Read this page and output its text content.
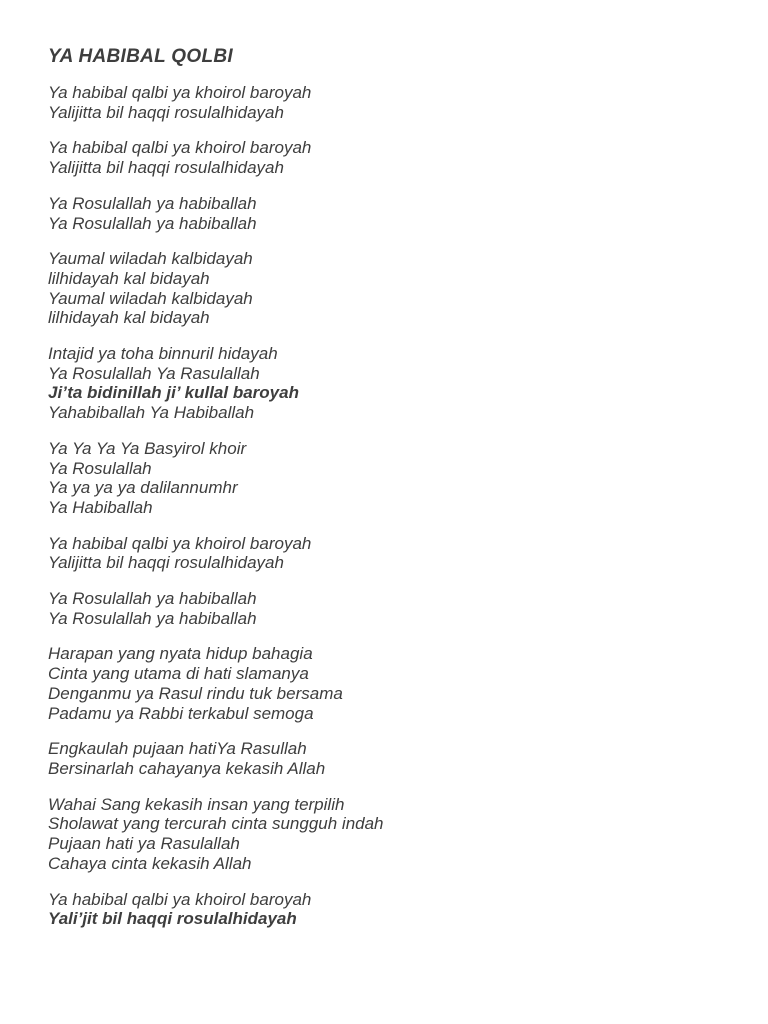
YA HABIBAL QOLBI

Ya habibal qalbi ya khoirol baroyah
Yalijitta bil haqqi rosulalhidayah

Ya habibal qalbi ya khoirol baroyah
Yalijitta bil haqqi rosulalhidayah

Ya Rosulallah ya habiballah
Ya Rosulallah ya habiballah

Yaumal wiladah kalbidayah
lilhidayah kal bidayah
Yaumal wiladah kalbidayah
lilhidayah kal bidayah

Intajid ya toha binnuril hidayah
Ya Rosulallah Ya Rasulallah
Ji’ta bidinillah ji’ kullal baroyah
Yahabiballah Ya Habiballah

Ya Ya Ya Ya Basyirol khoir
Ya Rosulallah
Ya ya ya ya dalilannumhr
Ya Habiballah

Ya habibal qalbi ya khoirol baroyah
Yalijitta bil haqqi rosulalhidayah

Ya Rosulallah ya habiballah
Ya Rosulallah ya habiballah

Harapan yang nyata hidup bahagia
Cinta yang utama di hati slamanya
Denganmu ya Rasul rindu tuk bersama
Padamu ya Rabbi terkabul semoga

Engkaulah pujaan hatiYa Rasullah
Bersinarlah cahayanya kekasih Allah

Wahai Sang kekasih insan yang terpilih
Sholawat yang tercurah cinta sungguh indah
Pujaan hati ya Rasulallah
Cahaya cinta kekasih Allah

Ya habibal qalbi ya khoirol baroyah
Yali’jit bil haqqi rosulalhidayah
